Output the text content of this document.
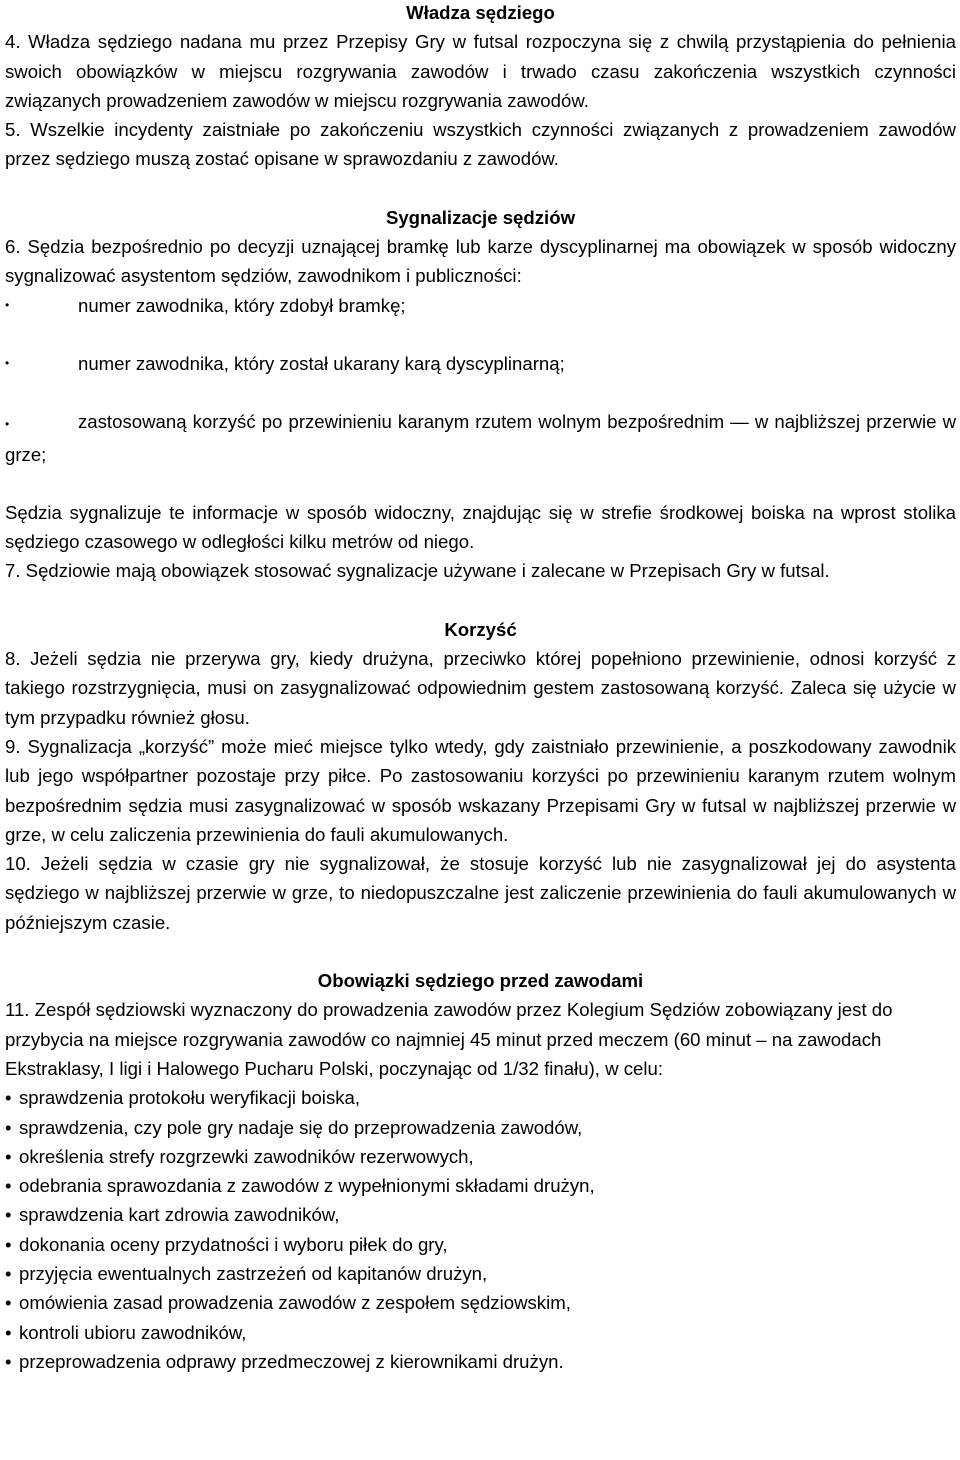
Władza sędziego

4. Władza sędziego nadana mu przez Przepisy Gry w futsal rozpoczyna się z chwilą przystąpienia do pełnienia swoich obowiązków w miejscu rozgrywania zawodów i trwado czasu zakończenia wszystkich czynności związanych prowadzeniem zawodów w miejscu rozgrywania zawodów.

5. Wszelkie incydenty zaistniałe po zakończeniu wszystkich czynności związanych z prowadzeniem zawodów przez sędziego muszą zostać opisane w sprawozdaniu z zawodów.

Sygnalizacje sędziów

6. Sędzia bezpośrednio po decyzji uznającej bramkę lub karze dyscyplinarnej ma obowiązek w sposób widoczny sygnalizować asystentom sędziów, zawodnikom i publiczności:

•	numer zawodnika, który zdobył bramkę;
•	numer zawodnika, który został ukarany karą dyscyplinarną;

•	zastosowaną korzyść po przewinieniu karanym rzutem wolnym bezpośrednim — w najbliższej przerwie w grze;

Sędzia sygnalizuje te informacje w sposób widoczny, znajdując się w strefie środkowej boiska na wprost stolika sędziego czasowego w odległości kilku metrów od niego.

7. Sędziowie mają obowiązek stosować sygnalizacje używane i zalecane w Przepisach Gry w futsal.

Korzyść

8. Jeżeli sędzia nie przerywa gry, kiedy drużyna, przeciwko której popełniono przewinienie, odnosi korzyść z takiego rozstrzygnięcia, musi on zasygnalizować odpowiednim gestem zastosowaną korzyść. Zaleca się użycie w tym przypadku również głosu.

9. Sygnalizacja „korzyść” może mieć miejsce tylko wtedy, gdy zaistniało przewinienie, a poszkodowany zawodnik lub jego współpartner pozostaje przy piłce. Po zastosowaniu korzyści po przewinieniu karanym rzutem wolnym bezpośrednim sędzia musi zasygnalizować w sposób wskazany Przepisami Gry w futsal w najbliższej przerwie w grze, w celu zaliczenia przewinienia do fauli akumulowanych.

10. Jeżeli sędzia w czasie gry nie sygnalizował, że stosuje korzyść lub nie zasygnalizował jej do asystenta sędziego w najbliższej przerwie w grze, to niedopuszczalne jest zaliczenie przewinienia do fauli akumulowanych w późniejszym czasie.

Obowiązki sędziego przed zawodami

11. Zespół sędziowski wyznaczony do prowadzenia zawodów przez Kolegium Sędziów zobowiązany jest do przybycia na miejsce rozgrywania zawodów co najmniej 45 minut przed meczem (60 minut – na zawodach Ekstraklasy, I ligi i Halowego Pucharu Polski, poczynając od 1/32 finału), w celu:

• sprawdzenia protokołu weryfikacji boiska,
• sprawdzenia, czy pole gry nadaje się do przeprowadzenia zawodów,
• określenia strefy rozgrzewki zawodników rezerwowych,
• odebrania sprawozdania z zawodów z wypełnionymi składami drużyn,
• sprawdzenia kart zdrowia zawodników,
• dokonania oceny przydatności i wyboru piłek do gry,
• przyjęcia ewentualnych zastrzeżeń od kapitanów drużyn,
• omówienia zasad prowadzenia zawodów z zespołem sędziowskim,
• kontroli ubioru zawodników,
• przeprowadzenia odprawy przedmeczowej z kierownikami drużyn.
